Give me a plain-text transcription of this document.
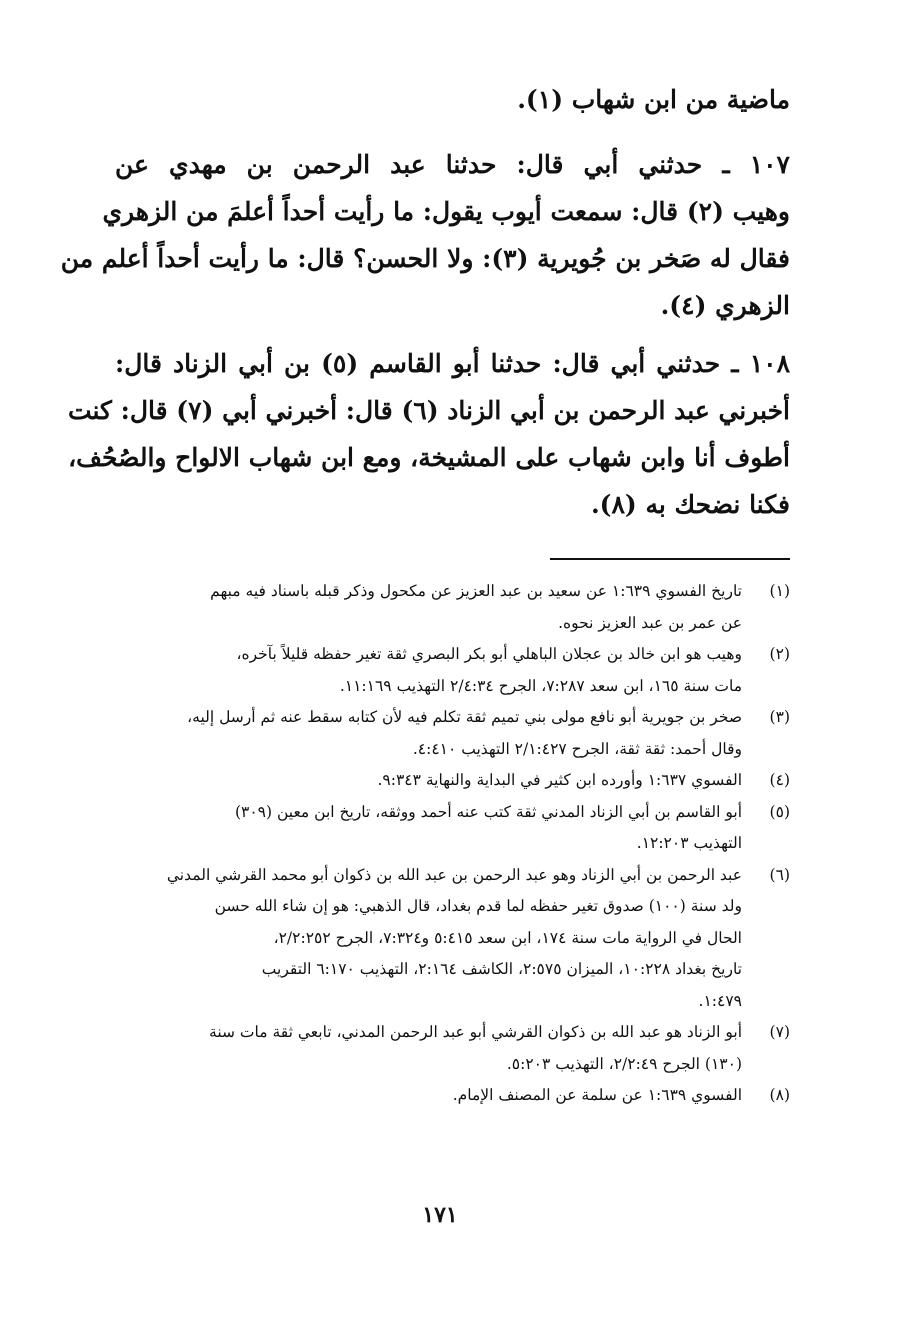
ماضية من ابن شهاب (١).
١٠٧ ـ حدثني أبي قال: حدثنا عبد الرحمن بن مهدي عن
وهيب (٢) قال: سمعت أيوب يقول: ما رأيت أحداً أعلمَ من الزهري
فقال له صَخر بن جُويرية (٣): ولا الحسن؟ قال: ما رأيت أحداً أعلم من
الزهري (٤).
١٠٨ ـ حدثني أبي قال: حدثنا أبو القاسم (٥) بن أبي الزناد قال:
أخبرني عبد الرحمن بن أبي الزناد (٦) قال: أخبرني أبي (٧) قال: كنت
أطوف أنا وابن شهاب على المشيخة، ومع ابن شهاب الالواح والصُحُف،
فكنا نضحك به (٨).
(١)
تاريخ الفسوي ١:٦٣٩ عن سعيد بن عبد العزيز عن مكحول وذكر قبله باسناد فيه مبهم
عن عمر بن عبد العزيز نحوه.
(٢)
وهيب هو ابن خالد بن عجلان الباهلي أبو بكر البصري ثقة تغير حفظه قليلاً بآخره،
مات سنة ١٦٥، ابن سعد ٧:٢٨٧، الجرح ٢/٤:٣٤ التهذيب ١١:١٦٩.
(٣)
صخر بن جويرية أبو نافع مولى بني تميم ثقة تكلم فيه لأن كتابه سقط عنه ثم أرسل إليه،
وقال أحمد: ثقة ثقة، الجرح ٢/١:٤٢٧ التهذيب ٤:٤١٠.
(٤)
الفسوي ١:٦٣٧ وأورده ابن كثير في البداية والنهاية ٩:٣٤٣.
(٥)
أبو القاسم بن أبي الزناد المدني ثقة كتب عنه أحمد ووثقه، تاريخ ابن معين (٣٠٩)
التهذيب ١٢:٢٠٣.
(٦)
عبد الرحمن بن أبي الزناد وهو عبد الرحمن بن عبد الله بن ذكوان أبو محمد القرشي المدني
ولد سنة (١٠٠) صدوق تغير حفظه لما قدم بغداد، قال الذهبي: هو إن شاء الله حسن
الحال في الرواية مات سنة ١٧٤، ابن سعد ٥:٤١٥ و٧:٣٢٤، الجرح ٢/٢:٢٥٢،
تاريخ بغداد ١٠:٢٢٨، الميزان ٢:٥٧٥، الكاشف ٢:١٦٤، التهذيب ٦:١٧٠ التقريب
١:٤٧٩.
(٧)
أبو الزناد هو عبد الله بن ذكوان القرشي أبو عبد الرحمن المدني، تابعي ثقة مات سنة
(١٣٠) الجرح ٢/٢:٤٩، التهذيب ٥:٢٠٣.
(٨)
الفسوي ١:٦٣٩ عن سلمة عن المصنف الإمام.
١٧١
